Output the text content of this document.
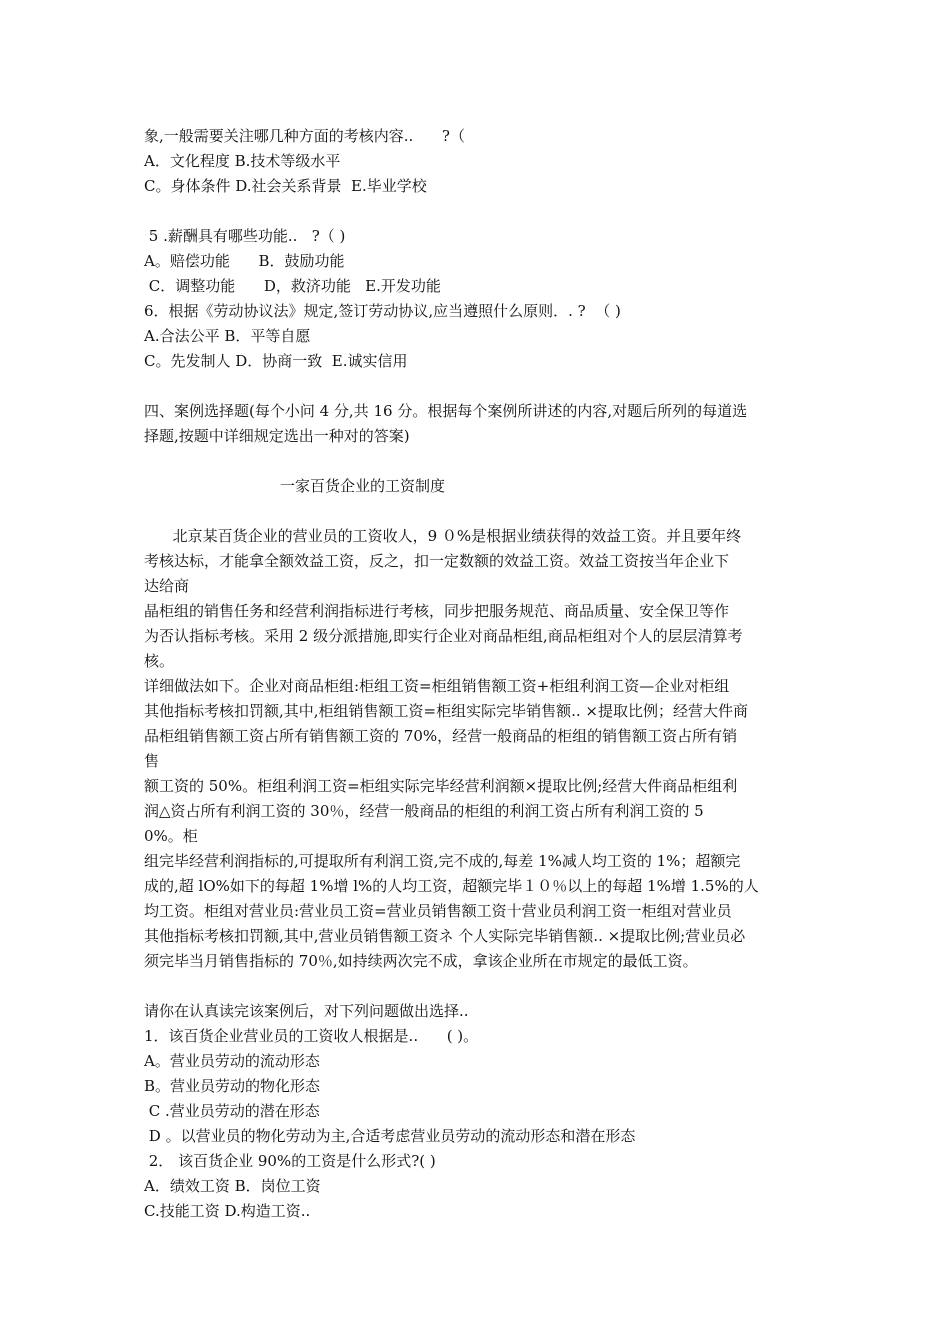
象,一般需要关注哪几种方面的考核内容..      ?（
A．文化程度 B.技术等级水平
C。身体条件 D.社会关系背景  E.毕业学校
5 .薪酬具有哪些功能..   ?（ )
A。赔偿功能      B．鼓励功能
C．调整功能      D，救济功能   E.开发功能
6．根据《劳动协议法》规定,签订劳动协议,应当遵照什么原则．. ?  （ )
A.合法公平 B．平等自愿
C。先发制人 D．协商一致  E.诚实信用
四、案例选择题(每个小问 4 分,共 16 分。根据每个案例所讲述的内容,对题后所列的每道选
择题,按题中详细规定选出一种对的答案)
一家百货企业的工资制度
北京某百货企业的营业员的工资收人，9 ０%是根据业绩获得的效益工资。并且要年终
考核达标，才能拿全额效益工资，反之，扣一定数额的效益工资。效益工资按当年企业下
达给商
晶柜组的销售任务和经营利润指标进行考核，同步把服务规范、商品质量、安全保卫等作
为否认指标考核。采用 2 级分派措施,即实行企业对商品柜组,商品柜组对个人的层层清算考
核。
详细做法如下。企业对商品柜组:柜组工资=柜组销售额工资+柜组利润工资—企业对柜组
其他指标考核扣罚额,其中,柜组销售额工资=柜组实际完毕销售额.. ×提取比例；经营大件商
品柜组销售额工资占所有销售额工资的 70%，经营一般商品的柜组的销售额工资占所有销
售
额工资的 50%。柜组利润工资=柜组实际完毕经营利润额×提取比例;经营大件商品柜组利
润△资占所有利润工资的 30％，经营一般商品的柜组的利润工资占所有利润工资的 5
0%。柜
组完毕经营利润指标的,可提取所有利润工资,完不成的,每差 1%减人均工资的 1%；超额完
成的,超 lO%如下的每超 1%增 l%的人均工资，超额完毕１０％以上的每超 1%增 1.5%的人
均工资。柜组对营业员:营业员工资=营业员销售额工资十营业员利润工资一柜组对营业员
其他指标考核扣罚额,其中,营业员销售额工资ネ 个人实际完毕销售额.. ×提取比例;营业员必
须完毕当月销售指标的 70％,如持续两次完不成，拿该企业所在市规定的最低工资。
请你在认真读完该案例后，对下列问题做出选择..
1．该百货企业营业员的工资收人根据是..      ( )。
A。营业员劳动的流动形态
B。营业员劳动的物化形态
C .营业员劳动的潜在形态
D 。以营业员的物化劳动为主,合适考虑营业员劳动的流动形态和潜在形态
2． 该百货企业 90%的工资是什么形式?( )
A．绩效工资 B．岗位工资
C.技能工资 D.构造工资..
